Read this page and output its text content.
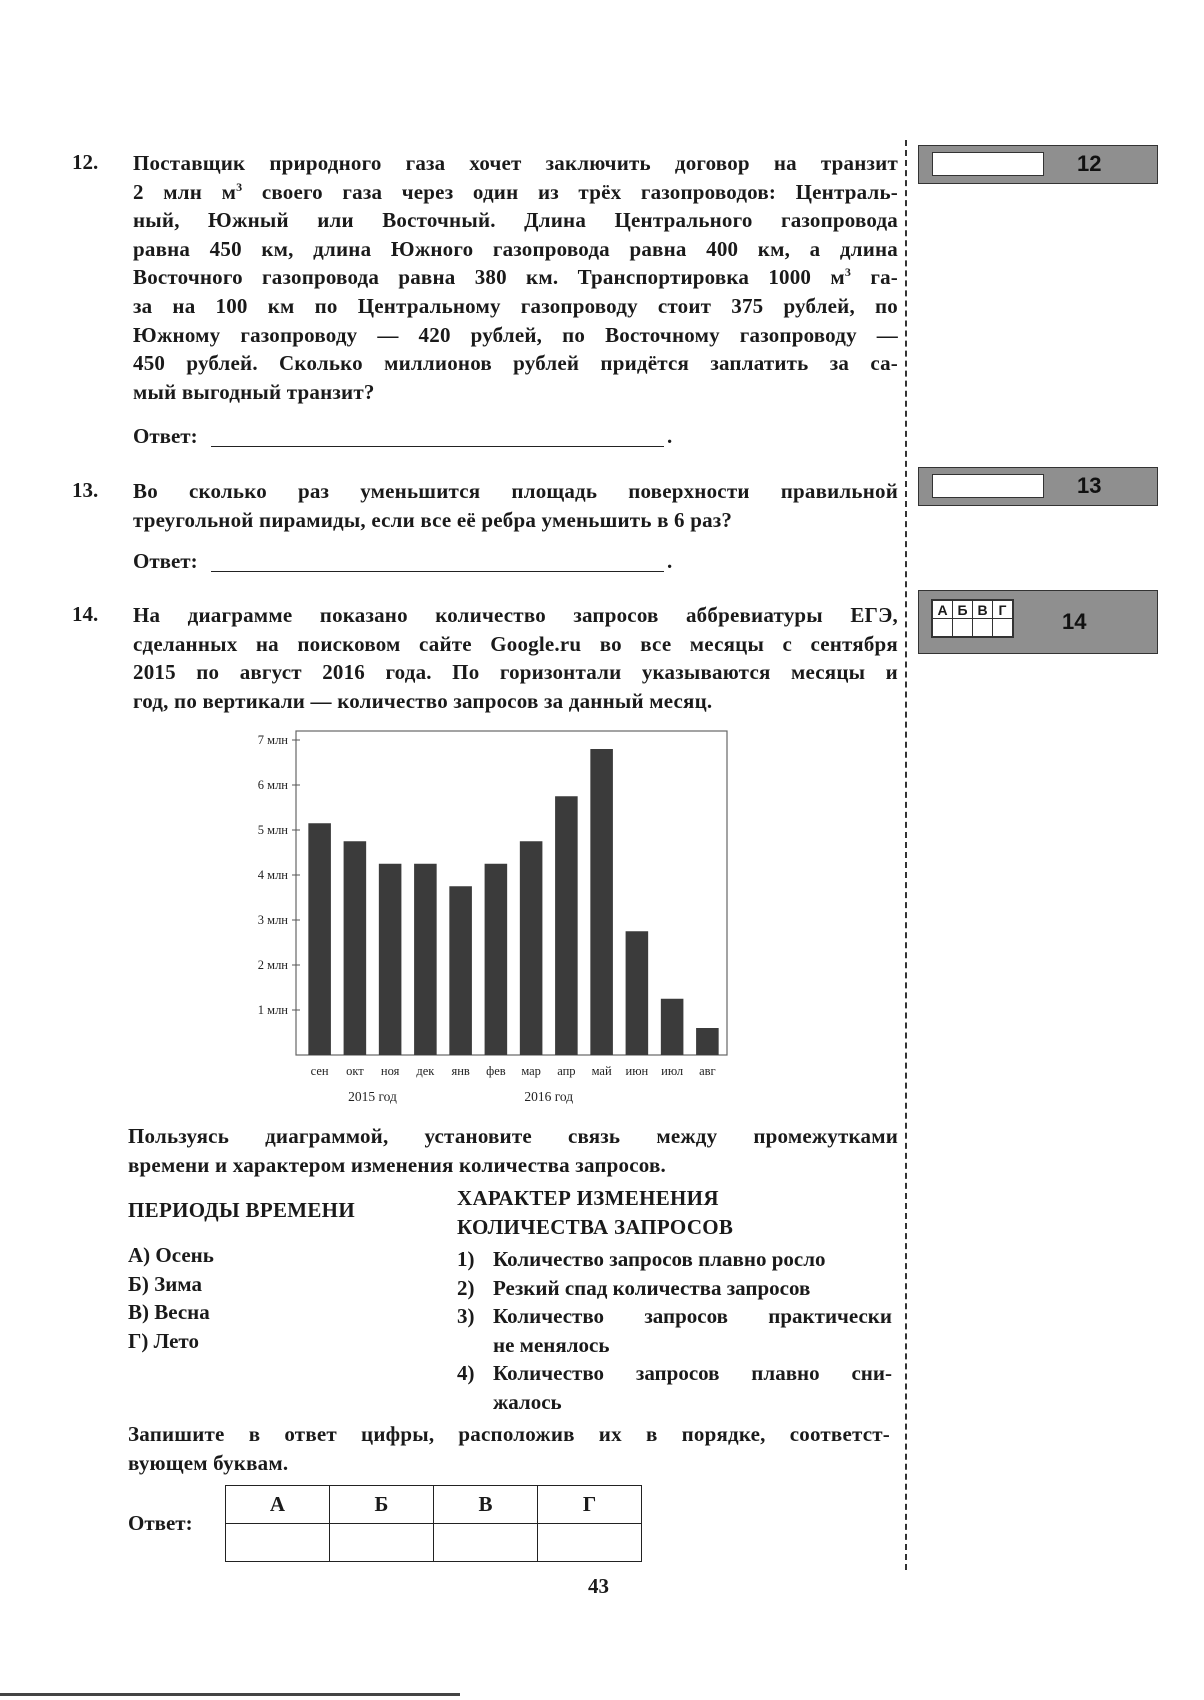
12. Поставщик природного газа хочет заключить договор на транзит
2 млн $м^3$ своего газа через один из трёх газопроводов: Централь-
ный, Южный или Восточный. Длина Центрального газопровода
равна 450 км, длина Южного газопровода равна 400 км, а длина
Восточного газопровода равна 380 км. Транспортировка 1000 $м^3$ га-
за на 100 км по Центральному газопроводу стоит 375 рублей, по
Южному газопроводу — 420 рублей, по Восточному газопроводу —
450 рублей. Сколько миллионов рублей придётся заплатить за са-
мый выгодный транзит?
Ответ:	.
12
13. Во сколько раз уменьшится площадь поверхности правильной
треугольной пирамиды, если все её ребра уменьшить в 6 раз?
Ответ:	.
13
14. На диаграмме показано количество запросов аббревиатуры ЕГЭ,
сделанных на поисковом сайте Google.ru во все месяцы с сентября
2015 по август 2016 года. По горизонтали указываются месяцы и
год, по вертикали — количество запросов за данный месяц.
А	Б	В	Г
				14
1 млн
2 млн
3 млн
4 млн
5 млн
6 млн
7 млн
сен окт ноя дек янв фев мар апр май июн июл авг
2015 год	2016 год
Пользуясь диаграммой, установите связь между промежутками
времени и характером изменения количества запросов.
ПЕРИОДЫ ВРЕМЕНИ	ХАРАКТЕР ИЗМЕНЕНИЯ
КОЛИЧЕСТВА ЗАПРОСОВ
А) Осень
Б) Зима
В) Весна
Г) Лето
1) Количество запросов плавно росло
2) Резкий спад количества запросов
3) Количество запросов практически
не менялось
4) Количество запросов плавно сни-
жалось
Запишите в ответ цифры, расположив их в порядке, соответст-
вующем буквам.
Ответ:
А	Б	В	Г

43
